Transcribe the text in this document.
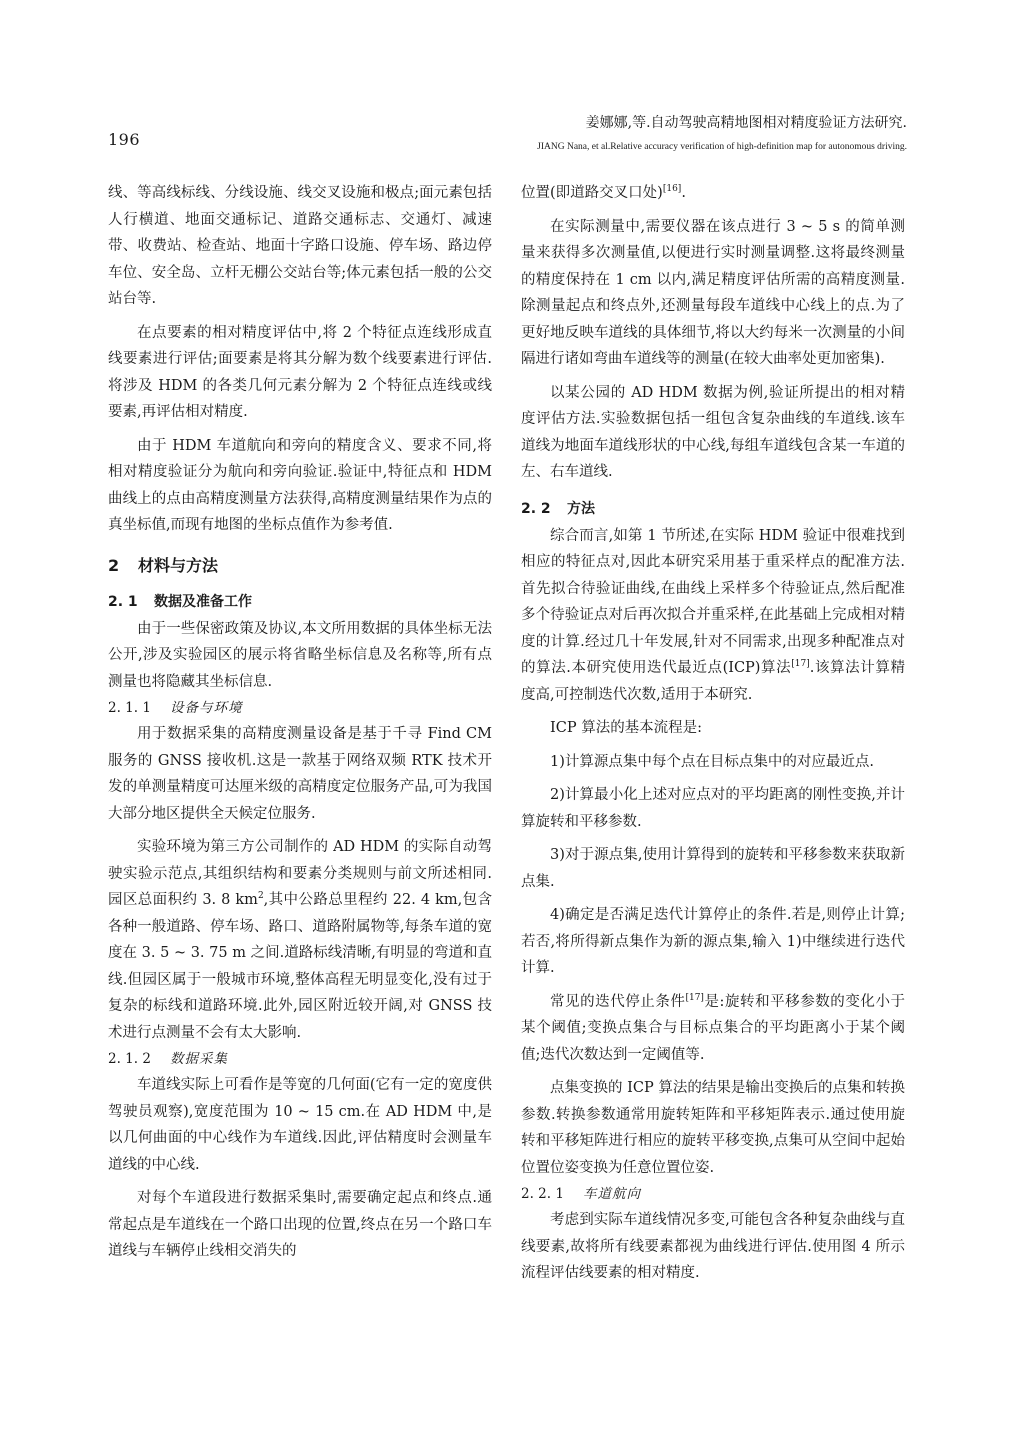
196
姜娜娜,等.自动驾驶高精地图相对精度验证方法研究.
JIANG Nana, et al.Relative accuracy verification of high-definition map for autonomous driving.

线、等高线标线、分线设施、线交叉设施和极点;面元素包括人行横道、地面交通标记、道路交通标志、交通灯、减速带、收费站、检查站、地面十字路口设施、停车场、路边停车位、安全岛、立杆无棚公交站台等;体元素包括一般的公交站台等.

在点要素的相对精度评估中,将 2 个特征点连线形成直线要素进行评估;面要素是将其分解为数个线要素进行评估.将涉及 HDM 的各类几何元素分解为 2 个特征点连线或线要素,再评估相对精度.

由于 HDM 车道航向和旁向的精度含义、要求不同,将相对精度验证分为航向和旁向验证.验证中,特征点和 HDM 曲线上的点由高精度测量方法获得,高精度测量结果作为点的真坐标值,而现有地图的坐标点值作为参考值.

2 材料与方法
2. 1 数据及准备工作

由于一些保密政策及协议,本文所用数据的具体坐标无法公开,涉及实验园区的展示将省略坐标信息及名称等,所有点测量也将隐藏其坐标信息.

2. 1. 1 设备与环境

用于数据采集的高精度测量设备是基于千寻 Find CM 服务的 GNSS 接收机.这是一款基于网络双频 RTK 技术开发的单测量精度可达厘米级的高精度定位服务产品,可为我国大部分地区提供全天候定位服务.

实验环境为第三方公司制作的 AD HDM 的实际自动驾驶实验示范点,其组织结构和要素分类规则与前文所述相同.园区总面积约 3. 8 $km^2$,其中公路总里程约 22. 4 km,包含各种一般道路、停车场、路口、道路附属物等,每条车道的宽度在 3. 5 ~ 3. 75 m 之间.道路标线清晰,有明显的弯道和直线.但园区属于一般城市环境,整体高程无明显变化,没有过于复杂的标线和道路环境.此外,园区附近较开阔,对 GNSS 技术进行点测量不会有太大影响.

2. 1. 2 数据采集

车道线实际上可看作是等宽的几何面(它有一定的宽度供驾驶员观察),宽度范围为 10 ~ 15 cm.在 AD HDM 中,是以几何曲面的中心线作为车道线.因此,评估精度时会测量车道线的中心线.

对每个车道段进行数据采集时,需要确定起点和终点.通常起点是车道线在一个路口出现的位置,终点在另一个路口车道线与车辆停止线相交消失的

位置(即道路交叉口处)[16].

在实际测量中,需要仪器在该点进行 3 ~ 5 s 的简单测量来获得多次测量值,以便进行实时测量调整.这将最终测量的精度保持在 1 cm 以内,满足精度评估所需的高精度测量.除测量起点和终点外,还测量每段车道线中心线上的点.为了更好地反映车道线的具体细节,将以大约每米一次测量的小间隔进行诸如弯曲车道线等的测量(在较大曲率处更加密集).

以某公园的 AD HDM 数据为例,验证所提出的相对精度评估方法.实验数据包括一组包含复杂曲线的车道线.该车道线为地面车道线形状的中心线,每组车道线包含某一车道的左、右车道线.

2. 2 方法

综合而言,如第 1 节所述,在实际 HDM 验证中很难找到相应的特征点对,因此本研究采用基于重采样点的配准方法.首先拟合待验证曲线,在曲线上采样多个待验证点,然后配准多个待验证点对后再次拟合并重采样,在此基础上完成相对精度的计算.经过几十年发展,针对不同需求,出现多种配准点对的算法.本研究使用迭代最近点(ICP)算法[17].该算法计算精度高,可控制迭代次数,适用于本研究.

ICP 算法的基本流程是:

1)计算源点集中每个点在目标点集中的对应最近点.

2)计算最小化上述对应点对的平均距离的刚性变换,并计算旋转和平移参数.

3)对于源点集,使用计算得到的旋转和平移参数来获取新点集.

4)确定是否满足迭代计算停止的条件.若是,则停止计算;若否,将所得新点集作为新的源点集,输入 1)中继续进行迭代计算.

常见的迭代停止条件[17]是:旋转和平移参数的变化小于某个阈值;变换点集合与目标点集合的平均距离小于某个阈值;迭代次数达到一定阈值等.

点集变换的 ICP 算法的结果是输出变换后的点集和转换参数.转换参数通常用旋转矩阵和平移矩阵表示.通过使用旋转和平移矩阵进行相应的旋转平移变换,点集可从空间中起始位置位姿变换为任意位置位姿.

2. 2. 1 车道航向

考虑到实际车道线情况多变,可能包含各种复杂曲线与直线要素,故将所有线要素都视为曲线进行评估.使用图 4 所示流程评估线要素的相对精度.
